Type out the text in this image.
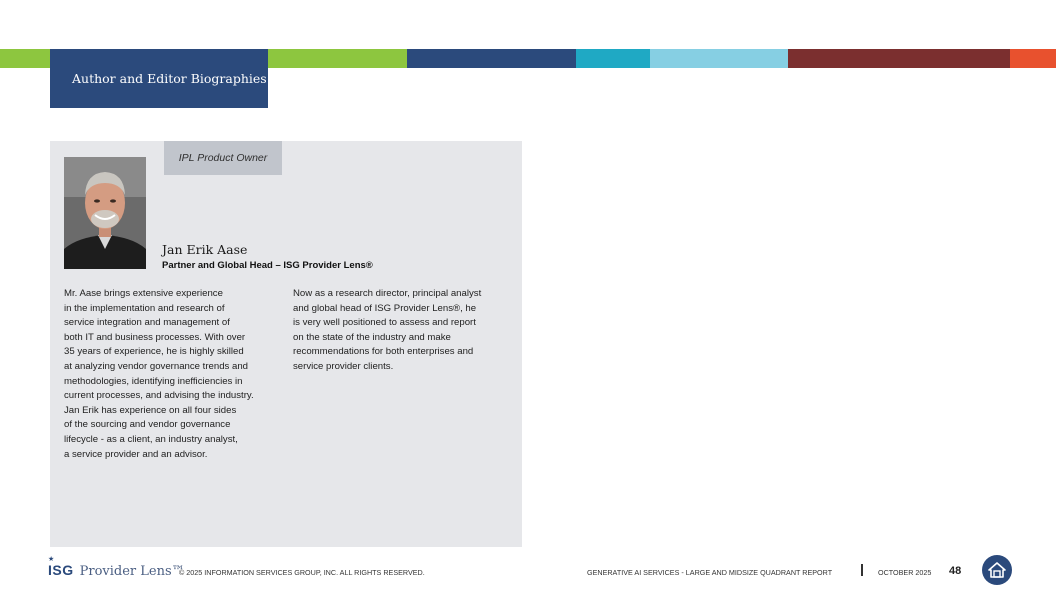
Author and Editor Biographies
IPL Product Owner
Jan Erik Aase
Partner and Global Head – ISG Provider Lens®
Mr. Aase brings extensive experience
in the implementation and research of
service integration and management of
both IT and business processes. With over
35 years of experience, he is highly skilled
at analyzing vendor governance trends and
methodologies, identifying inefficiencies in
current processes, and advising the industry.
Jan Erik has experience on all four sides
of the sourcing and vendor governance
lifecycle - as a client, an industry analyst,
a service provider and an advisor.
Now as a research director, principal analyst
and global head of ISG Provider Lens®, he
is very well positioned to assess and report
on the state of the industry and make
recommendations for both enterprises and
service provider clients.
★
ISG Provider Lens™
© 2025 INFORMATION SERVICES GROUP, INC. ALL RIGHTS RESERVED.	GENERATIVE AI SERVICES - LARGE AND MIDSIZE QUADRANT REPORT	OCTOBER 2025 48
